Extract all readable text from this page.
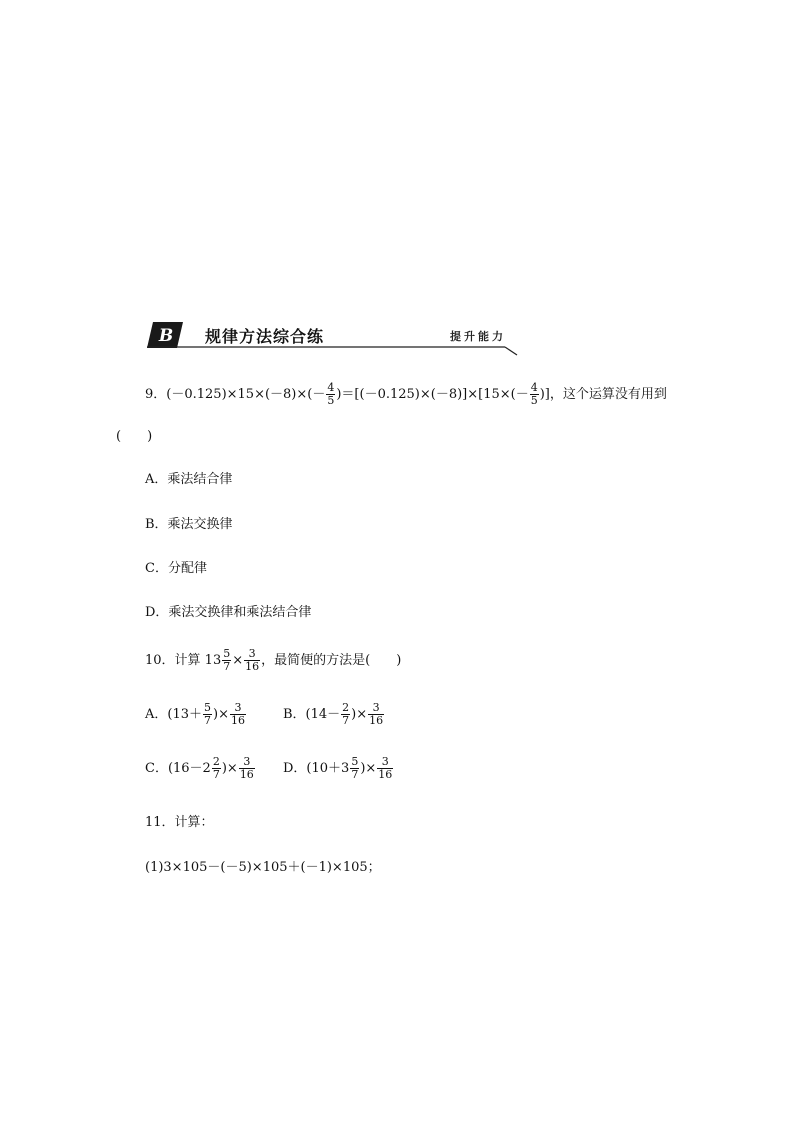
B 规律方法综合练	提升能力
9．$(-0.125)\times 15\times(-8)\times(- \frac{4}{5} )=[(-0.125)\times(-8)]\times[15\times(- \frac{4}{5}$ )]，这个运算没有用到
(　　)
A．乘法结合律
B．乘法交换律
C．分配律
D．乘法交换律和乘法结合律
10．计算 $13 \frac{5}{7} \times \frac{3}{16}$ ，最简便的方法是(　　)
A．($13+ \frac{5}{7}$ )× $\frac{3}{16}$	B．($14- \frac{2}{7}$ )× $\frac{3}{16}$
C．($16-2 \frac{2}{7}$ )× $\frac{3}{16}$ D．($10+3 \frac{5}{7}$ )× $\frac{3}{16}$
11．计算：
(1)3×105－(－5)×105＋(－1)×105；
